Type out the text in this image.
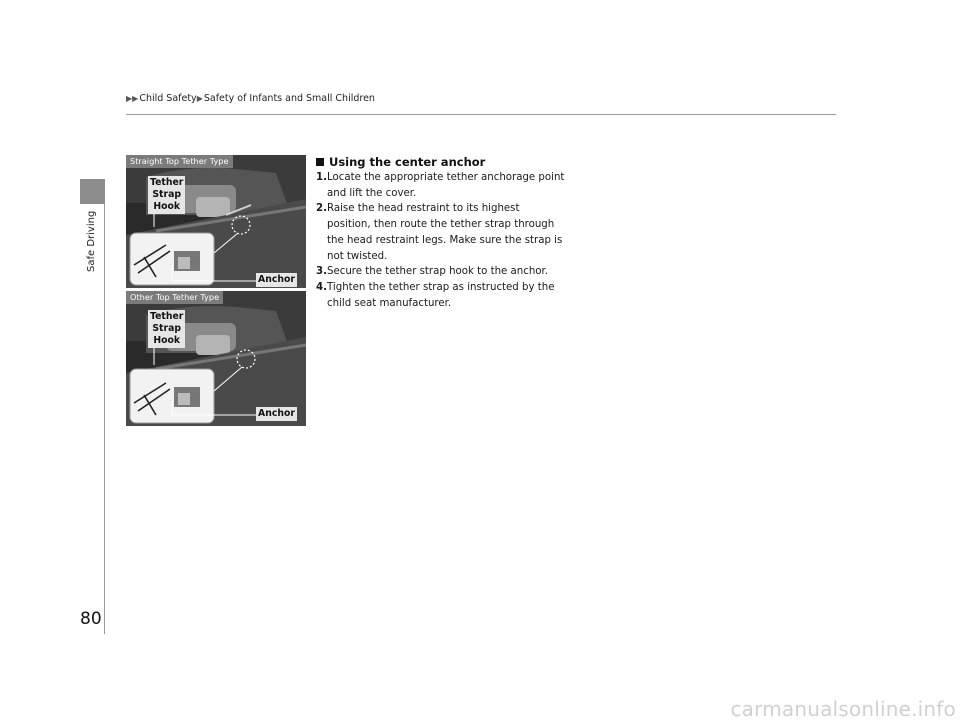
▶▶ Child Safety ▶ Safety of Infants and Small Children
Safe Driving
Straight Top Tether Type
Tether
Strap
Hook
Anchor
Other Top Tether Type
Tether
Strap
Hook
Anchor
Using the center anchor
1. Locate the appropriate tether anchorage point and lift the cover.
2. Raise the head restraint to its highest position, then route the tether strap through the head restraint legs. Make sure the strap is not twisted.
3. Secure the tether strap hook to the anchor.
4. Tighten the tether strap as instructed by the child seat manufacturer.
80
carmanualsonline.info
